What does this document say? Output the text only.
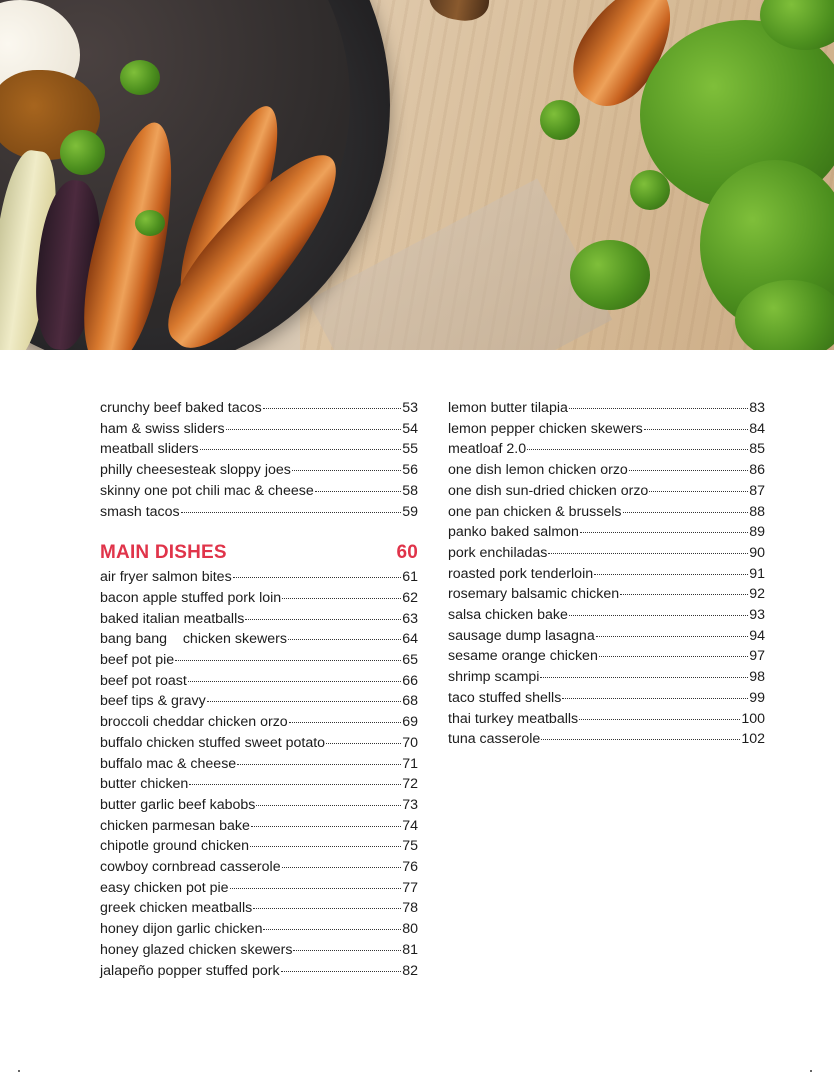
crunchy beef baked tacos	53
ham & swiss sliders	54
meatball sliders	55
philly cheesesteak sloppy joes	56
skinny one pot chili mac & cheese	58
smash tacos	59
MAIN DISHES	60
air fryer salmon bites	61
bacon apple stuffed pork loin	62
baked italian meatballs	63
bang bang    chicken skewers	64
beef pot pie	65
beef pot roast	66
beef tips & gravy	68
broccoli cheddar chicken orzo	69
buffalo chicken stuffed sweet potato	70
buffalo mac & cheese	71
butter chicken	72
butter garlic beef kabobs	73
chicken parmesan bake	74
chipotle ground chicken	75
cowboy cornbread casserole	76
easy chicken pot pie	77
greek chicken meatballs	78
honey dijon garlic chicken	80
honey glazed chicken skewers	81
jalapeño popper stuffed pork	82
lemon butter tilapia	83
lemon pepper chicken skewers	84
meatloaf 2.0	85
one dish lemon chicken orzo	86
one dish sun-dried chicken orzo	87
one pan chicken & brussels	88
panko baked salmon	89
pork enchiladas	90
roasted pork tenderloin	91
rosemary balsamic chicken	92
salsa chicken bake	93
sausage dump lasagna	94
sesame orange chicken	97
shrimp scampi	98
taco stuffed shells	99
thai turkey meatballs	100
tuna casserole	102
